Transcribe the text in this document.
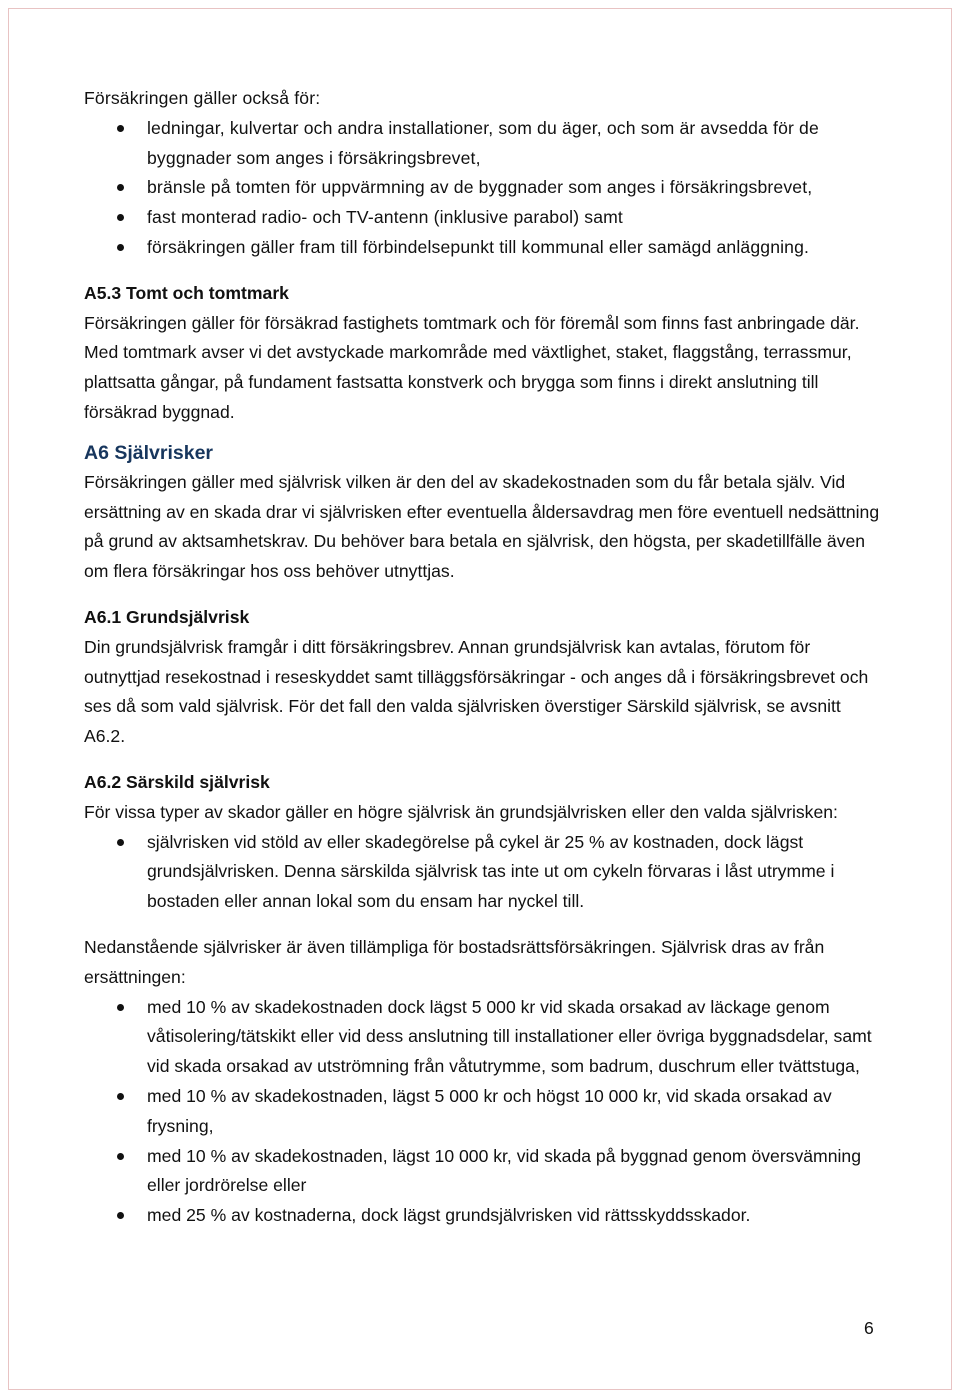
Försäkringen gäller också för:

ledningar, kulvertar och andra installationer, som du äger, och som är avsedda för de byggnader som anges i försäkringsbrevet,
bränsle på tomten för uppvärmning av de byggnader som anges i försäkringsbrevet,
fast monterad radio- och TV-antenn (inklusive parabol) samt
försäkringen gäller fram till förbindelsepunkt till kommunal eller samägd anläggning.

A5.3 Tomt och tomtmark

Försäkringen gäller för försäkrad fastighets tomtmark och för föremål som finns fast anbringade där. Med tomtmark avser vi det avstyckade markområde med växtlighet, staket, flaggstång, terrassmur, plattsatta gångar, på fundament fastsatta konstverk och brygga som finns i direkt anslutning till försäkrad byggnad.

A6 Självrisker

Försäkringen gäller med självrisk vilken är den del av skadekostnaden som du får betala själv. Vid ersättning av en skada drar vi självrisken efter eventuella åldersavdrag men före eventuell nedsättning på grund av aktsamhetskrav. Du behöver bara betala en självrisk, den högsta, per skadetillfälle även om flera försäkringar hos oss behöver utnyttjas.

A6.1 Grundsjälvrisk

Din grundsjälvrisk framgår i ditt försäkringsbrev. Annan grundsjälvrisk kan avtalas, förutom för outnyttjad resekostnad i reseskyddet samt tilläggsförsäkringar - och anges då i försäkringsbrevet och ses då som vald självrisk. För det fall den valda självrisken överstiger Särskild självrisk, se avsnitt A6.2.

A6.2 Särskild självrisk

För vissa typer av skador gäller en högre självrisk än grundsjälvrisken eller den valda självrisken:

självrisken vid stöld av eller skadegörelse på cykel är 25 % av kostnaden, dock lägst grundsjälvrisken. Denna särskilda självrisk tas inte ut om cykeln förvaras i låst utrymme i bostaden eller annan lokal som du ensam har nyckel till.

Nedanstående självrisker är även tillämpliga för bostadsrättsförsäkringen. Självrisk dras av från ersättningen:

med 10 % av skadekostnaden dock lägst 5 000 kr vid skada orsakad av läckage genom våtisolering/tätskikt eller vid dess anslutning till installationer eller övriga byggnadsdelar, samt vid skada orsakad av utströmning från våtutrymme, som badrum, duschrum eller tvättstuga,
med 10 % av skadekostnaden, lägst 5 000 kr och högst 10 000 kr, vid skada orsakad av frysning,
med 10 % av skadekostnaden, lägst 10 000 kr, vid skada på byggnad genom översvämning eller jordrörelse eller
med 25 % av kostnaderna, dock lägst grundsjälvrisken vid rättsskyddsskador.
6
